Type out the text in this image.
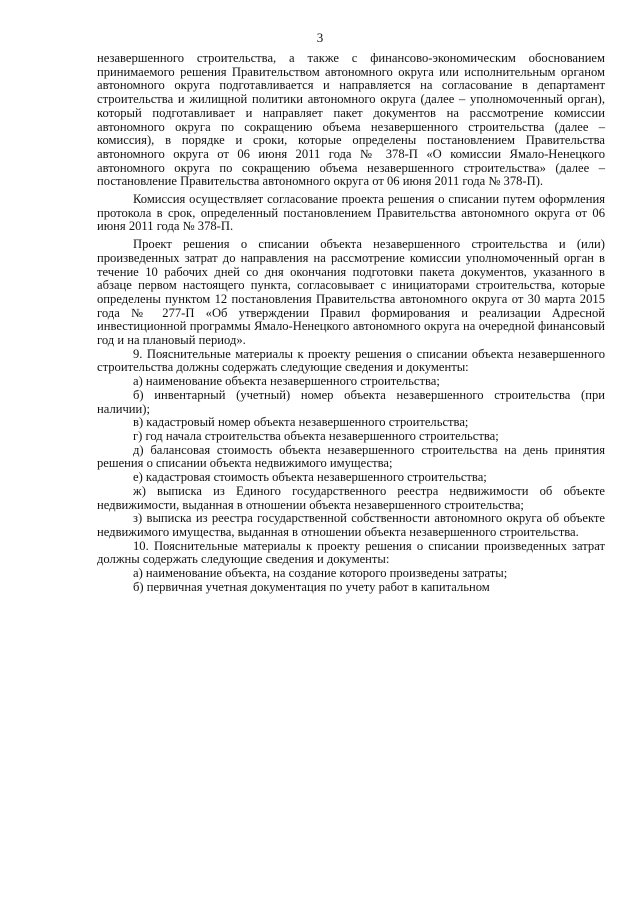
3

незавершенного строительства, а также с финансово-экономическим обоснованием принимаемого решения Правительством автономного округа или исполнительным органом автономного округа подготавливается и направляется на согласование в департамент строительства и жилищной политики автономного округа (далее – уполномоченный орган), который подготавливает и направляет пакет документов на рассмотрение комиссии автономного округа по сокращению объема незавершенного строительства (далее – комиссия), в порядке и сроки, которые определены постановлением Правительства автономного округа от 06 июня 2011 года № 378-П «О комиссии Ямало-Ненецкого автономного округа по сокращению объема незавершенного строительства» (далее – постановление Правительства автономного округа от 06 июня 2011 года № 378-П).

Комиссия осуществляет согласование проекта решения о списании путем оформления протокола в срок, определенный постановлением Правительства автономного округа от 06 июня 2011 года № 378-П.

Проект решения о списании объекта незавершенного строительства и (или) произведенных затрат до направления на рассмотрение комиссии уполномоченный орган в течение 10 рабочих дней со дня окончания подготовки пакета документов, указанного в абзаце первом настоящего пункта, согласовывает с инициаторами строительства, которые определены пунктом 12 постановления Правительства автономного округа от 30 марта 2015 года № 277-П «Об утверждении Правил формирования и реализации Адресной инвестиционной программы Ямало-Ненецкого автономного округа на очередной финансовый год и на плановый период».

9. Пояснительные материалы к проекту решения о списании объекта незавершенного строительства должны содержать следующие сведения и документы:

а) наименование объекта незавершенного строительства;

б) инвентарный (учетный) номер объекта незавершенного строительства (при наличии);

в) кадастровый номер объекта незавершенного строительства;

г) год начала строительства объекта незавершенного строительства;

д) балансовая стоимость объекта незавершенного строительства на день принятия решения о списании объекта недвижимого имущества;

е) кадастровая стоимость объекта незавершенного строительства;

ж) выписка из Единого государственного реестра недвижимости об объекте недвижимости, выданная в отношении объекта незавершенного строительства;

з) выписка из реестра государственной собственности автономного округа об объекте недвижимого имущества, выданная в отношении объекта незавершенного строительства.

10. Пояснительные материалы к проекту решения о списании произведенных затрат должны содержать следующие сведения и документы:

а) наименование объекта, на создание которого произведены затраты;

б) первичная учетная документация по учету работ в капитальном
